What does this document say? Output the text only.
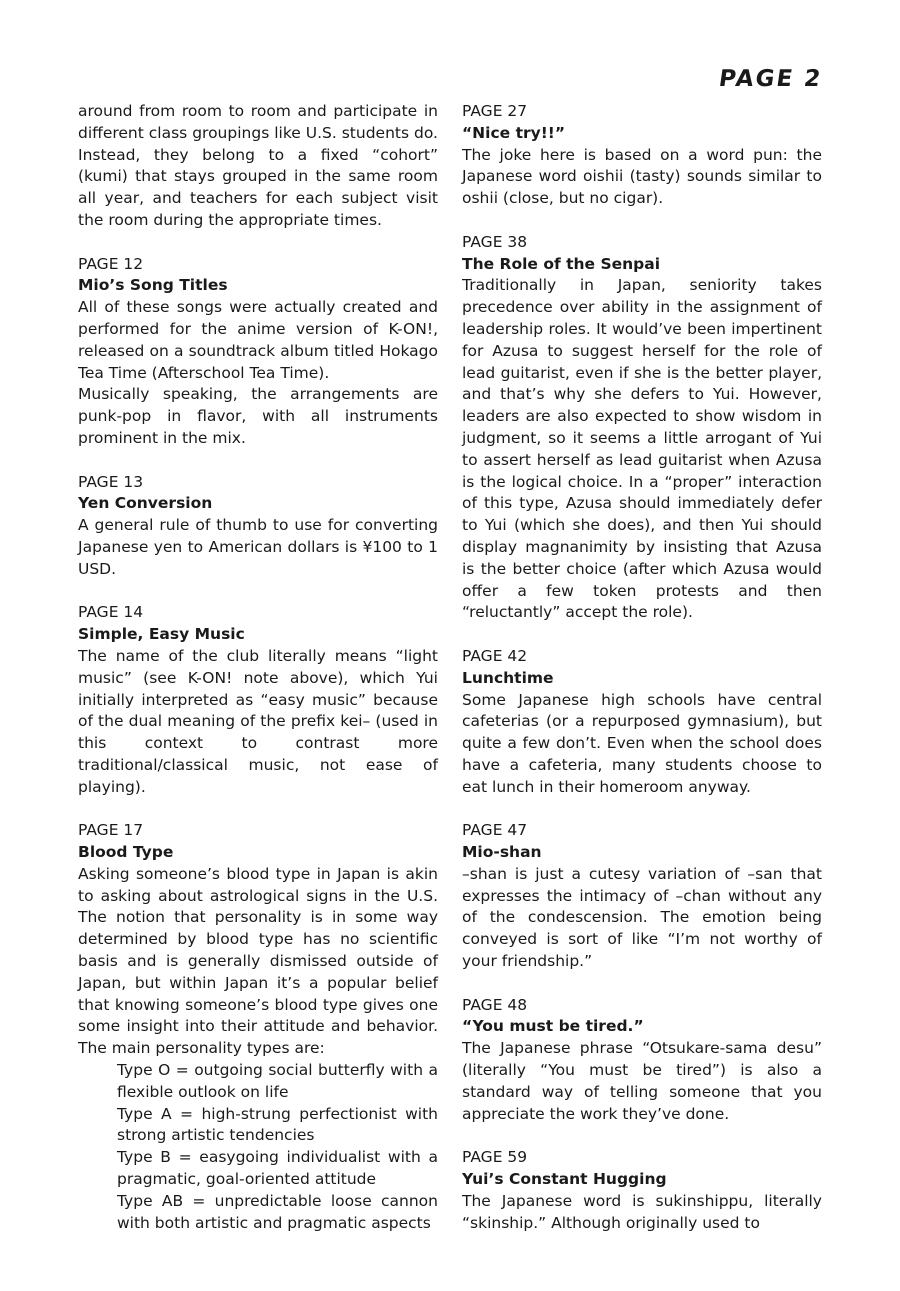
PAGE 2

around from room to room and participate in different class groupings like U.S. students do. Instead, they belong to a fixed “cohort” (kumi) that stays grouped in the same room all year, and teachers for each subject visit the room during the appropriate times.

PAGE 12

Mio’s Song Titles

All of these songs were actually created and performed for the anime version of K-ON!, released on a soundtrack album titled Hokago Tea Time (Afterschool Tea Time).

Musically speaking, the arrangements are punk-pop in flavor, with all instruments prominent in the mix.

PAGE 13

Yen Conversion

A general rule of thumb to use for converting Japanese yen to American dollars is ¥100 to 1 USD.

PAGE 14

Simple, Easy Music

The name of the club literally means “light music” (see K-ON! note above), which Yui initially interpreted as “easy music” because of the dual meaning of the prefix kei– (used in this context to contrast more traditional/classical music, not ease of playing).

PAGE 17

Blood Type

Asking someone’s blood type in Japan is akin to asking about astrological signs in the U.S. The notion that personality is in some way determined by blood type has no scientific basis and is generally dismissed outside of Japan, but within Japan it’s a popular belief that knowing someone’s blood type gives one some insight into their attitude and behavior. The main personality types are:

Type O = outgoing social butterfly with a flexible outlook on life

Type A = high-strung perfectionist with strong artistic tendencies

Type B = easygoing individualist with a pragmatic, goal-oriented attitude

Type AB = unpredictable loose cannon with both artistic and pragmatic aspects

PAGE 27

“Nice try!!”

The joke here is based on a word pun: the Japanese word oishii (tasty) sounds similar to oshii (close, but no cigar).

PAGE 38

The Role of the Senpai

Traditionally in Japan, seniority takes precedence over ability in the assignment of leadership roles. It would’ve been impertinent for Azusa to suggest herself for the role of lead guitarist, even if she is the better player, and that’s why she defers to Yui. However, leaders are also expected to show wisdom in judgment, so it seems a little arrogant of Yui to assert herself as lead guitarist when Azusa is the logical choice. In a “proper” interaction of this type, Azusa should immediately defer to Yui (which she does), and then Yui should display magnanimity by insisting that Azusa is the better choice (after which Azusa would offer a few token protests and then “reluctantly” accept the role).

PAGE 42

Lunchtime

Some Japanese high schools have central cafeterias (or a repurposed gymnasium), but quite a few don’t. Even when the school does have a cafeteria, many students choose to eat lunch in their homeroom anyway.

PAGE 47

Mio-shan

–shan is just a cutesy variation of –san that expresses the intimacy of –chan without any of the condescension. The emotion being conveyed is sort of like “I’m not worthy of your friendship.”

PAGE 48

“You must be tired.”

The Japanese phrase “Otsukare-sama desu” (literally “You must be tired”) is also a standard way of telling someone that you appreciate the work they’ve done.

PAGE 59

Yui’s Constant Hugging

The Japanese word is sukinshippu, literally “skinship.” Although originally used to
